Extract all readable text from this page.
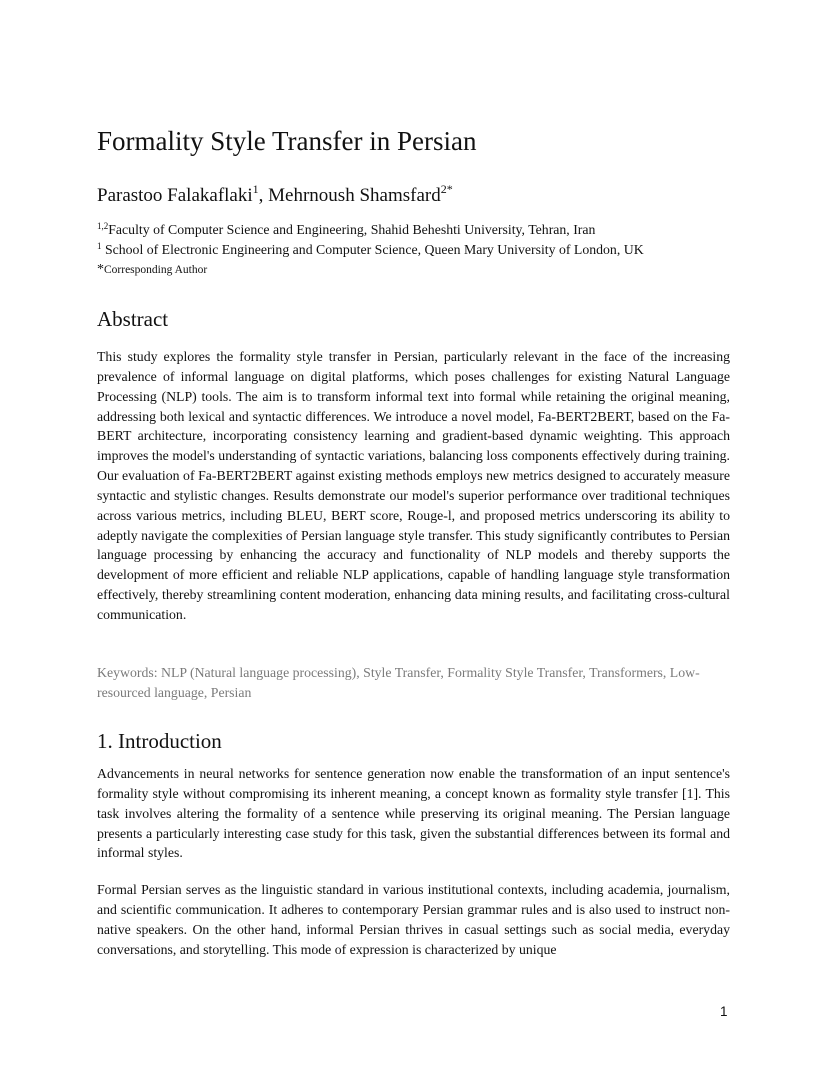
Formality Style Transfer in Persian
Parastoo Falakaflaki$^1$, Mehrnoush Shamsfard$^{2*}$
$^{1,2}$Faculty of Computer Science and Engineering, Shahid Beheshti University, Tehran, Iran
$^1$ School of Electronic Engineering and Computer Science, Queen Mary University of London, UK
*Corresponding Author
Abstract

This study explores the formality style transfer in Persian, particularly relevant in the face of the increasing prevalence of informal language on digital platforms, which poses challenges for existing Natural Language Processing (NLP) tools. The aim is to transform informal text into formal while retaining the original meaning, addressing both lexical and syntactic differences. We introduce a novel model, Fa-BERT2BERT, based on the Fa-BERT architecture, incorporating consistency learning and gradient-based dynamic weighting. This approach improves the model's understanding of syntactic variations, balancing loss components effectively during training. Our evaluation of Fa-BERT2BERT against existing methods employs new metrics designed to accurately measure syntactic and stylistic changes. Results demonstrate our model's superior performance over traditional techniques across various metrics, including BLEU, BERT score, Rouge-l, and proposed metrics underscoring its ability to adeptly navigate the complexities of Persian language style transfer. This study significantly contributes to Persian language processing by enhancing the accuracy and functionality of NLP models and thereby supports the development of more efficient and reliable NLP applications, capable of handling language style transformation effectively, thereby streamlining content moderation, enhancing data mining results, and facilitating cross-cultural communication.

Keywords: NLP (Natural language processing), Style Transfer, Formality Style Transfer, Transformers, Low-resourced language, Persian

1. Introduction

Advancements in neural networks for sentence generation now enable the transformation of an input sentence's formality style without compromising its inherent meaning, a concept known as formality style transfer [1]. This task involves altering the formality of a sentence while preserving its original meaning. The Persian language presents a particularly interesting case study for this task, given the substantial differences between its formal and informal styles.

Formal Persian serves as the linguistic standard in various institutional contexts, including academia, journalism, and scientific communication. It adheres to contemporary Persian grammar rules and is also used to instruct non-native speakers. On the other hand, informal Persian thrives in casual settings such as social media, everyday conversations, and storytelling. This mode of expression is characterized by unique

1
